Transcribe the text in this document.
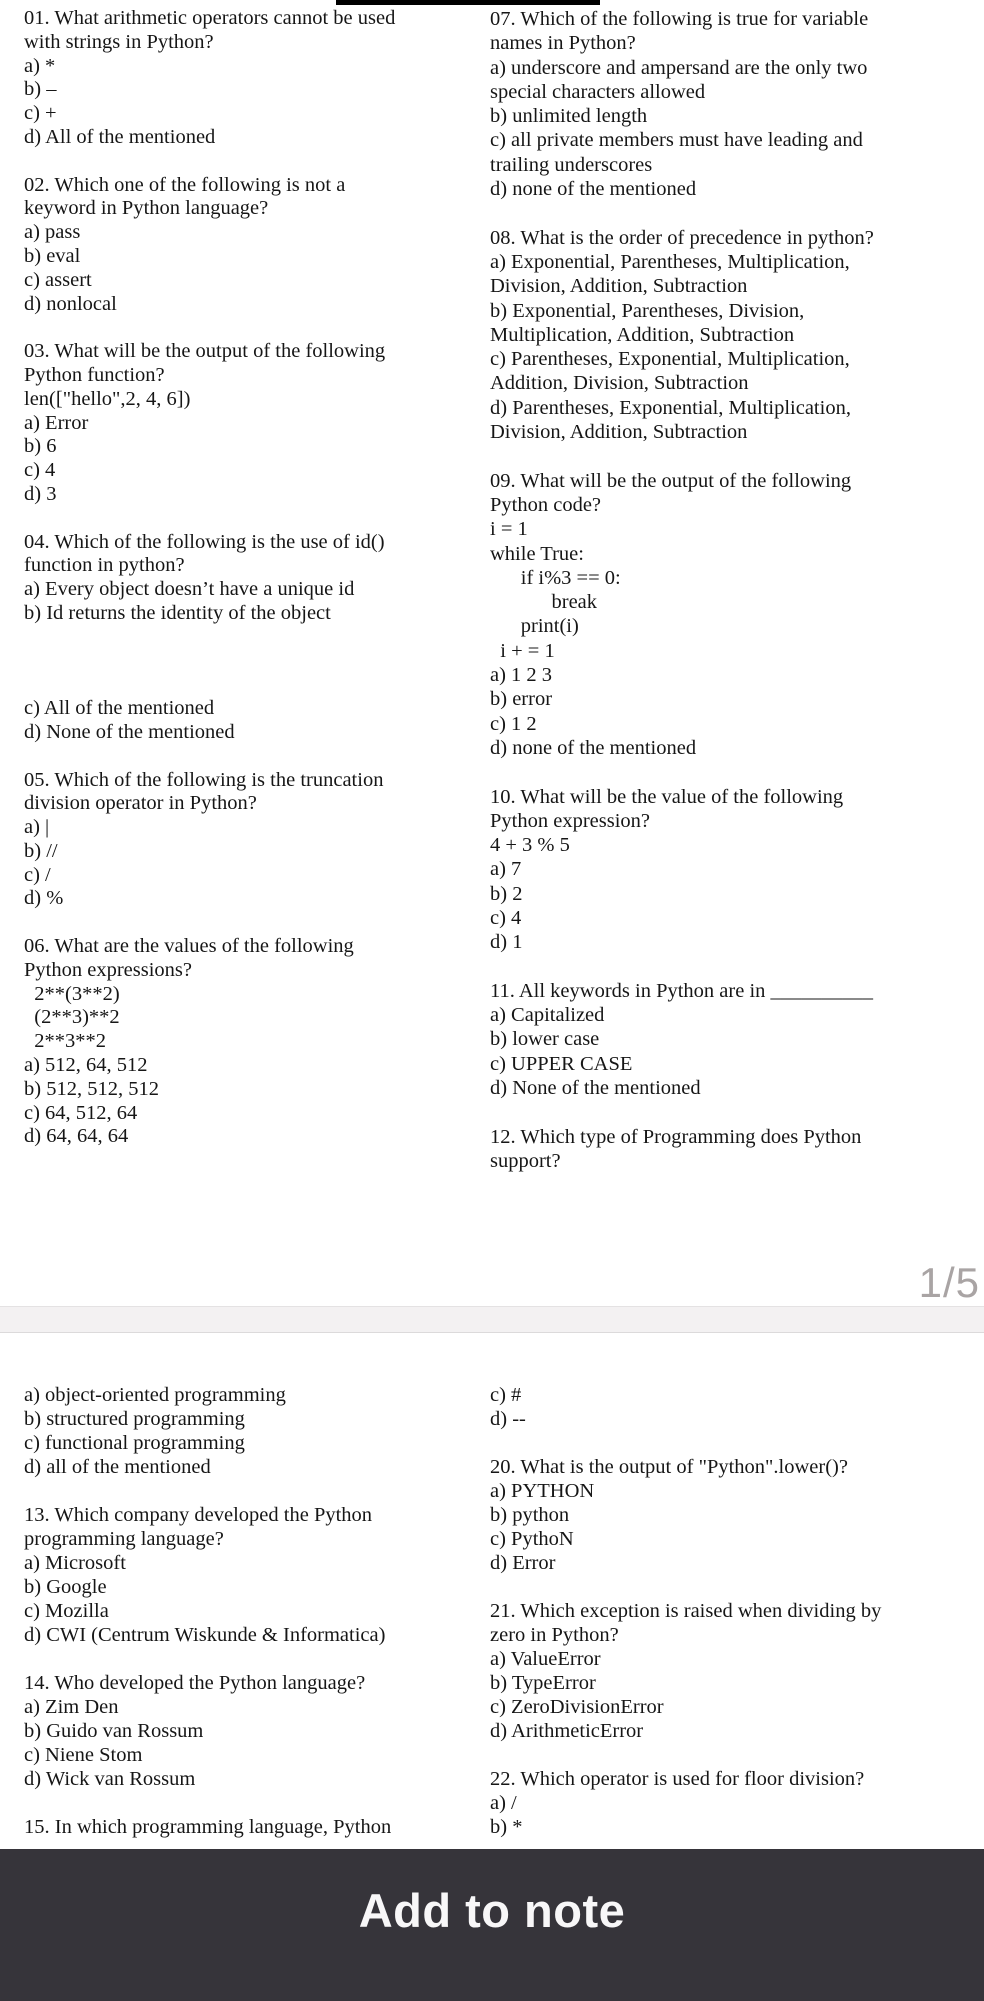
01. What arithmetic operators cannot be used
with strings in Python?
a) *
b) –
c) +
d) All of the mentioned

02. Which one of the following is not a
keyword in Python language?
a) pass
b) eval
c) assert
d) nonlocal

03. What will be the output of the following
Python function?
len(["hello",2, 4, 6])
a) Error
b) 6
c) 4
d) 3

04. Which of the following is the use of id()
function in python?
a) Every object doesn’t have a unique id
b) Id returns the identity of the object

c) All of the mentioned
d) None of the mentioned

05. Which of the following is the truncation
division operator in Python?
a) |
b) //
c) /
d) %

06. What are the values of the following
Python expressions?
2**(3**2)
(2**3)**2
2**3**2
a) 512, 64, 512
b) 512, 512, 512
c) 64, 512, 64
d) 64, 64, 64
07. Which of the following is true for variable
names in Python?
a) underscore and ampersand are the only two
special characters allowed
b) unlimited length
c) all private members must have leading and
trailing underscores
d) none of the mentioned

08. What is the order of precedence in python?
a) Exponential, Parentheses, Multiplication,
Division, Addition, Subtraction
b) Exponential, Parentheses, Division,
Multiplication, Addition, Subtraction
c) Parentheses, Exponential, Multiplication,
Addition, Division, Subtraction
d) Parentheses, Exponential, Multiplication,
Division, Addition, Subtraction

09. What will be the output of the following
Python code?
i = 1
while True:
if i%3 == 0:
break
print(i)
i + = 1
a) 1 2 3
b) error
c) 1 2
d) none of the mentioned

10. What will be the value of the following
Python expression?
4 + 3 % 5
a) 7
b) 2
c) 4
d) 1

11. All keywords in Python are in __________
a) Capitalized
b) lower case
c) UPPER CASE
d) None of the mentioned

12. Which type of Programming does Python
support?
1/5
a) object-oriented programming
b) structured programming
c) functional programming
d) all of the mentioned

13. Which company developed the Python
programming language?
a) Microsoft
b) Google
c) Mozilla
d) CWI (Centrum Wiskunde & Informatica)

14. Who developed the Python language?
a) Zim Den
b) Guido van Rossum
c) Niene Stom
d) Wick van Rossum

15. In which programming language, Python
c) #
d) --

20. What is the output of "Python".lower()?
a) PYTHON
b) python
c) PythoN
d) Error

21. Which exception is raised when dividing by
zero in Python?
a) ValueError
b) TypeError
c) ZeroDivisionError
d) ArithmeticError

22. Which operator is used for floor division?
a) /
b) *
Add to note
